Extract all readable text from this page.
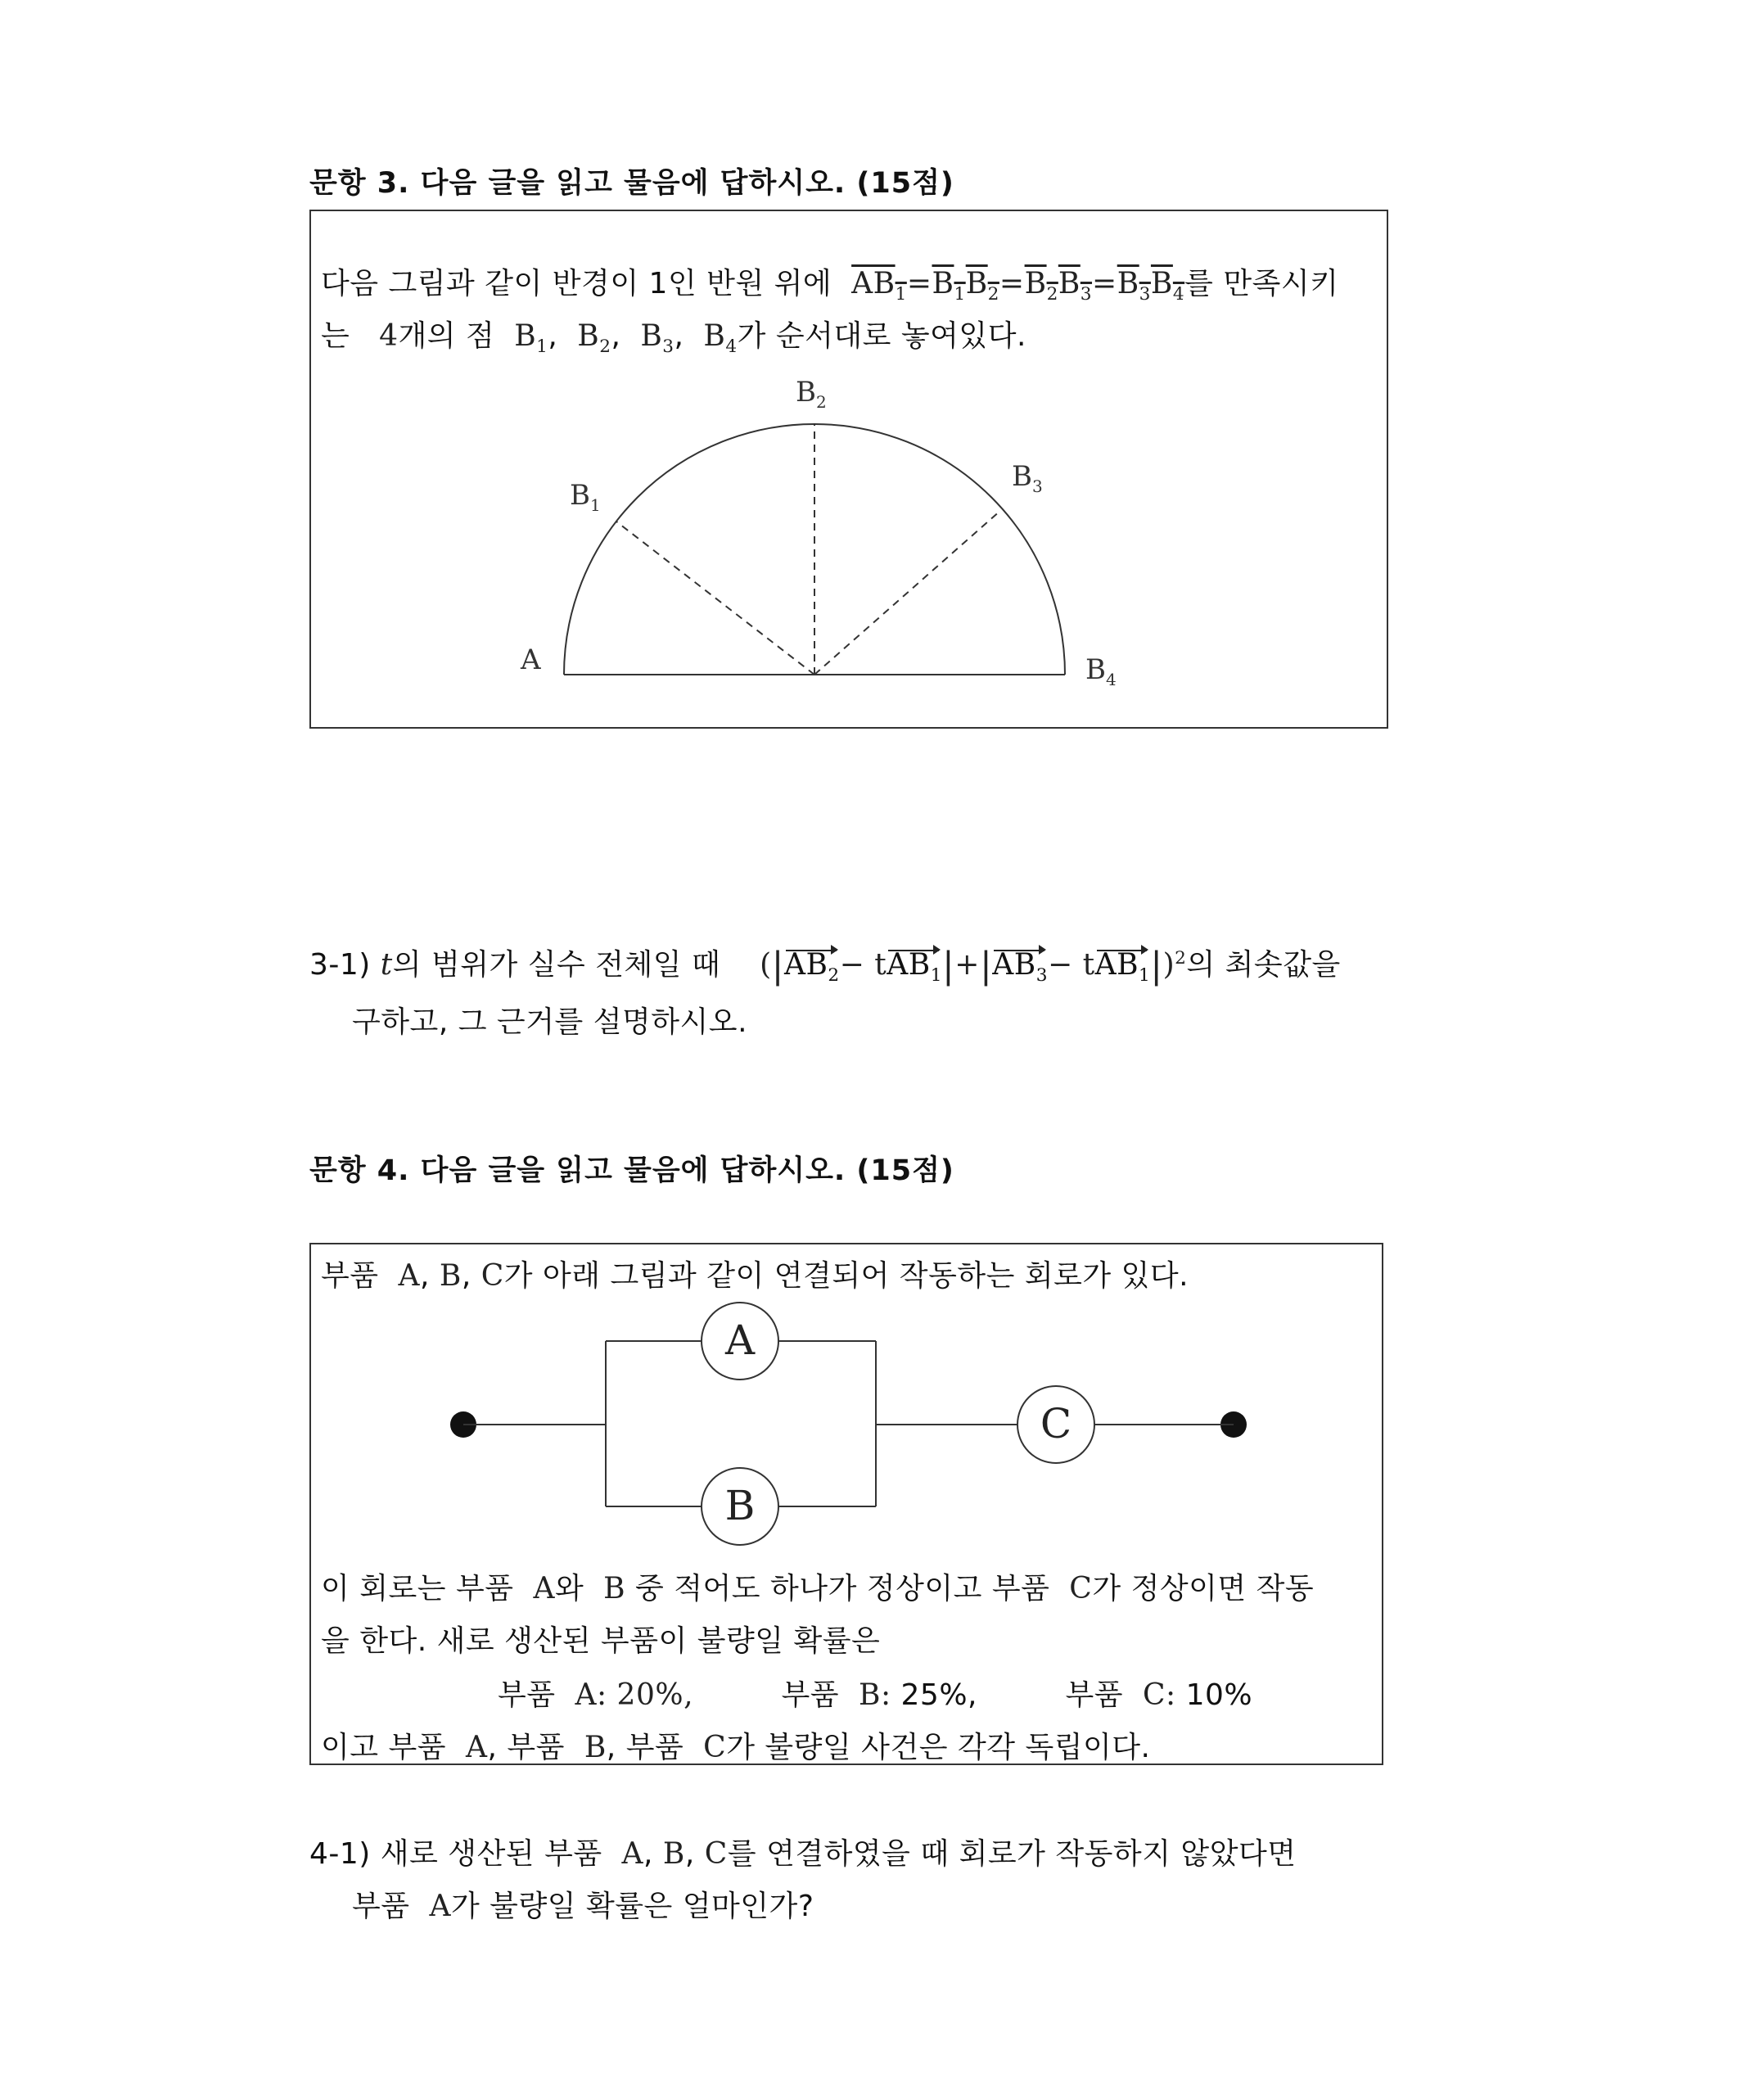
문항 3. 다음 글을 읽고 물음에 답하시오. (15점)
다음 그림과 같이 반경이 1인 반원 위에 $AB_1=B_1B_2=B_2B_3=B_3B_4$를 만족시키
는 4개의 점 $B_1$, $B_2$, $B_3$, $B_4$가 순서대로 놓여있다.
A
$B_1$
$B_2$
$B_3$
$B_4$
3-1) t의 범위가 실수 전체일 때 $(|AB_2- tAB_1|+|AB_3- tAB_1|)^2$의 최솟값을
구하고, 그 근거를 설명하시오.
문항 4. 다음 글을 읽고 물음에 답하시오. (15점)
부품 A, B, C가 아래 그림과 같이 연결되어 작동하는 회로가 있다.
A
B
C
이 회로는 부품 A와 B 중 적어도 하나가 정상이고 부품 C가 정상이면 작동
을 한다. 새로 생산된 부품이 불량일 확률은
부품 A: 20%,	부품 B: 25%,	부품 C: 10%
이고 부품 A, 부품 B, 부품 C가 불량일 사건은 각각 독립이다.
4-1) 새로 생산된 부품 A, B, C를 연결하였을 때 회로가 작동하지 않았다면
부품 A가 불량일 확률은 얼마인가?
